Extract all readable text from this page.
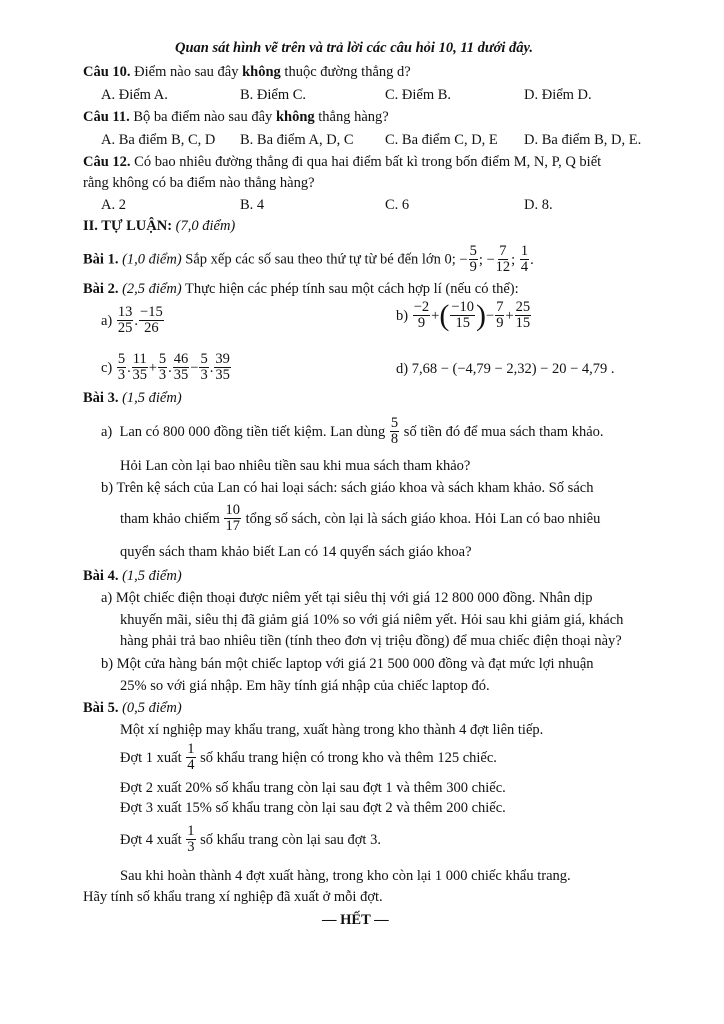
Quan sát hình vẽ trên và trả lời các câu hỏi 10, 11 dưới đây.
Câu 10. Điểm nào sau đây không thuộc đường thẳng d?
A. Điểm A.	B. Điểm C.	C. Điểm B.	D. Điểm D.
Câu 11. Bộ ba điểm nào sau đây không thẳng hàng?
A. Ba điểm B, C, D B. Ba điểm A, D, C C. Ba điểm C, D, E D. Ba điểm B, D, E.
Câu 12. Có bao nhiêu đường thẳng đi qua hai điểm bất kì trong bốn điểm M, N, P, Q biết
rằng không có ba điểm nào thẳng hàng?
A. 2	B. 4	C. 6	D. 8.
II. TỰ LUẬN: (7,0 điểm)
Bài 1. (1,0 điểm) Sắp xếp các số sau theo thứ tự từ bé đến lớn 0; − $\frac{5}{9}$ ; − $\frac{7}{12}$ ; $\frac{1}{4}$ .
Bài 2. (2,5 điểm) Thực hiện các phép tính sau một cách hợp lí (nếu có thể):
$a) \frac{13}{25}$ . $\frac{-15}{26}$	$b) \frac{-2}{9}$ + ( $\frac{-10}{15}$ ) − $\frac{7}{9} + \frac{25}{15}$
$c) \frac{5}{3}$ . $\frac{11}{35} + \frac{5}{3}$ . $\frac{46}{35} - \frac{5}{3}$ . $\frac{39}{35}$	d) 7,68 − (−4,79 − 2,32) − 20 − 4,79 .
Bài 3. (1,5 điểm)
a)  Lan có 800 000 đồng tiền tiết kiệm. Lan dùng $\frac{5}{8}$ số tiền đó để mua sách tham khảo.
Hỏi Lan còn lại bao nhiêu tiền sau khi mua sách tham khảo?
b) Trên kệ sách của Lan có hai loại sách: sách giáo khoa và sách kham khảo. Số sách
tham khảo chiếm $\frac{10}{17}$ tổng số sách, còn lại là sách giáo khoa. Hỏi Lan có bao nhiêu
quyển sách tham khảo biết Lan có 14 quyển sách giáo khoa?
Bài 4. (1,5 điểm)
a) Một chiếc điện thoại được niêm yết tại siêu thị với giá 12 800 000 đồng. Nhân dịp
khuyến mãi, siêu thị đã giảm giá 10% so với giá niêm yết. Hỏi sau khi giảm giá, khách
hàng phải trả bao nhiêu tiền (tính theo đơn vị triệu đồng) để mua chiếc điện thoại này?
b) Một cửa hàng bán một chiếc laptop với giá 21 500 000 đồng và đạt mức lợi nhuận
25% so với giá nhập. Em hãy tính giá nhập của chiếc laptop đó.
Bài 5. (0,5 điểm)
Một xí nghiệp may khẩu trang, xuất hàng trong kho thành 4 đợt liên tiếp.
Đợt 1 xuất $\frac{1}{4}$ số khẩu trang hiện có trong kho và thêm 125 chiếc.
Đợt 2 xuất 20% số khẩu trang còn lại sau đợt 1 và thêm 300 chiếc.
Đợt 3 xuất 15% số khẩu trang còn lại sau đợt 2 và thêm 200 chiếc.
Đợt 4 xuất $\frac{1}{3}$ số khẩu trang còn lại sau đợt 3.
Sau khi hoàn thành 4 đợt xuất hàng, trong kho còn lại 1 000 chiếc khẩu trang.
Hãy tính số khẩu trang xí nghiệp đã xuất ở mỗi đợt.
— HẾT —
